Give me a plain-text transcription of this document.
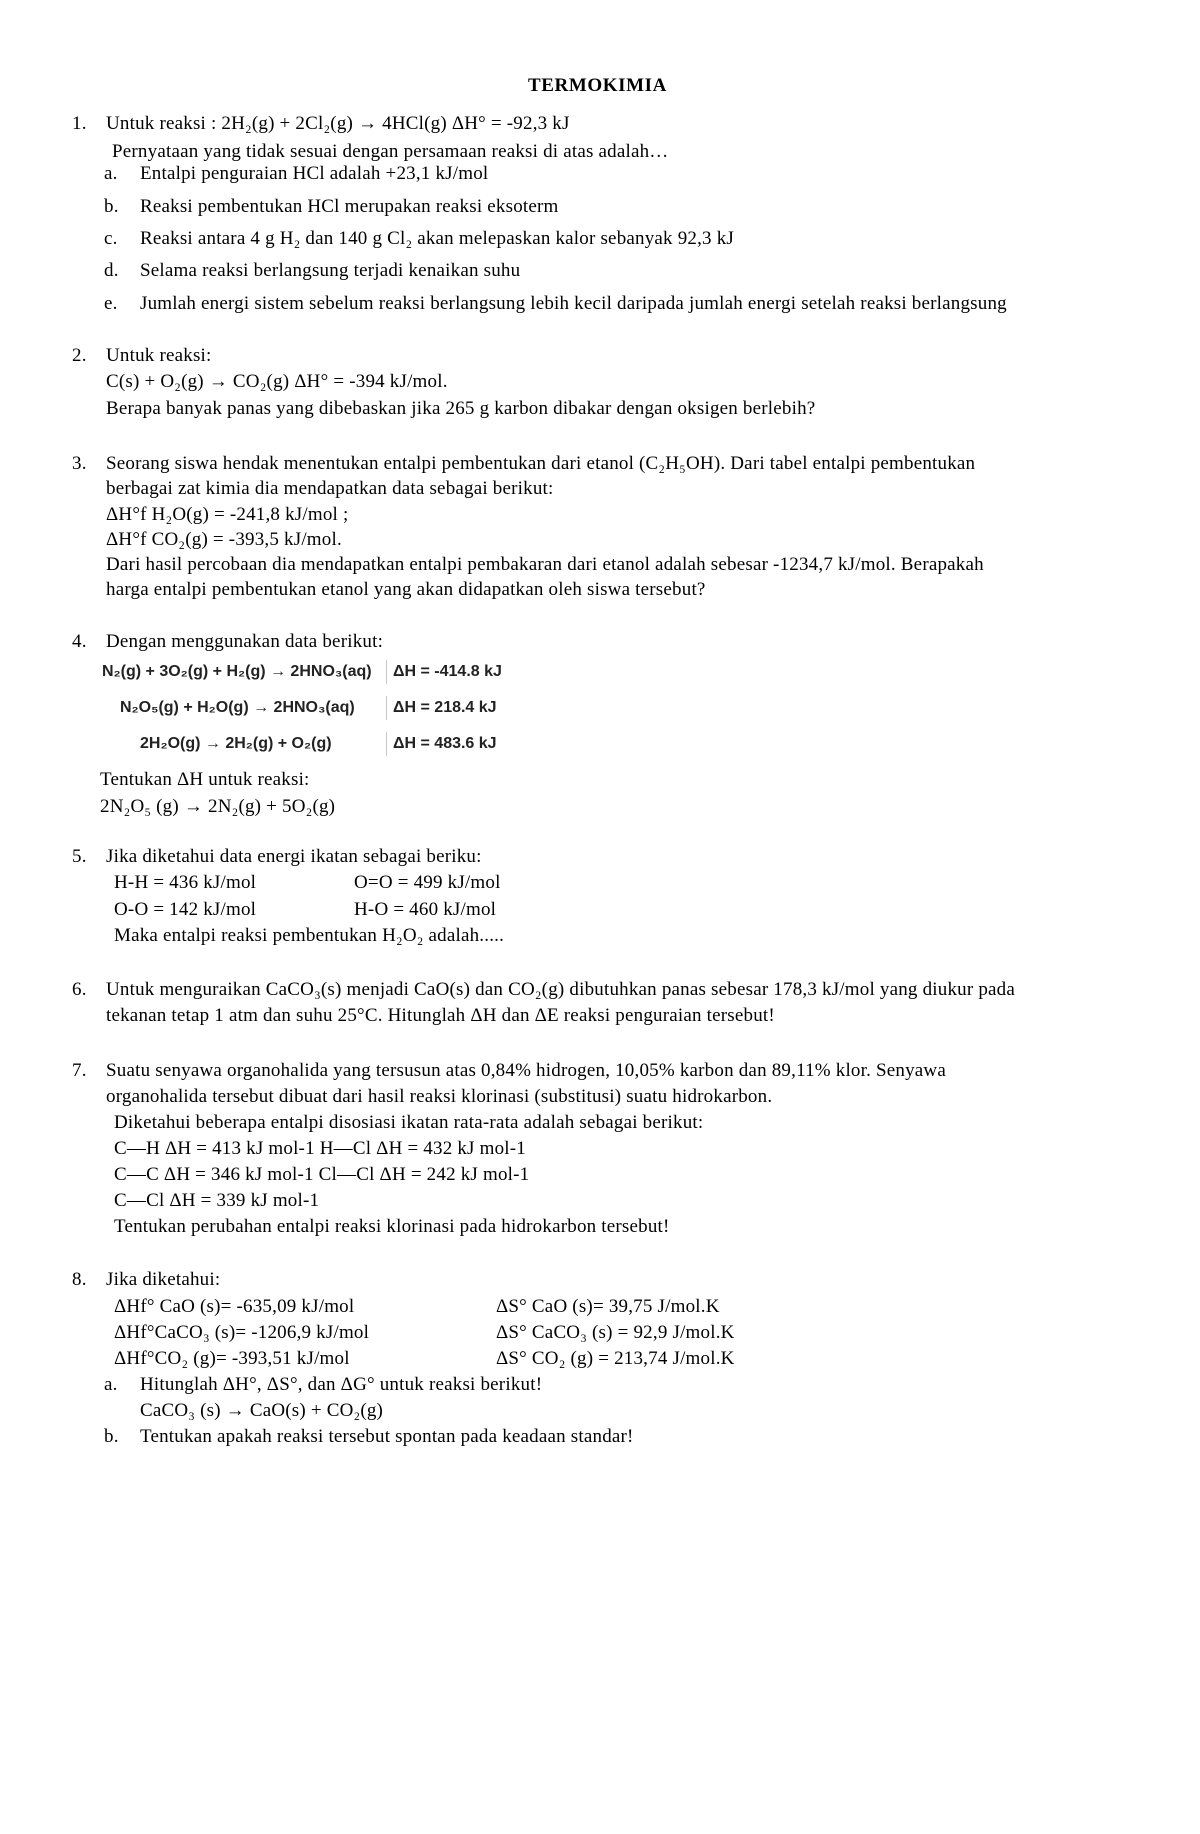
TERMOKIMIA
1. Untuk reaksi : 2H₂(g) + 2Cl₂(g) → 4HCl(g) ΔH° = -92,3 kJ
Pernyataan yang tidak sesuai dengan persamaan reaksi di atas adalah…
a. Entalpi penguraian HCl adalah +23,1 kJ/mol
b. Reaksi pembentukan HCl merupakan reaksi eksoterm
c. Reaksi antara 4 g H₂ dan 140 g Cl₂ akan melepaskan kalor sebanyak 92,3 kJ
d. Selama reaksi berlangsung terjadi kenaikan suhu
e. Jumlah energi sistem sebelum reaksi berlangsung lebih kecil daripada jumlah energi setelah reaksi berlangsung
2. Untuk reaksi:
C(s) + O₂(g) → CO₂(g) ΔH° = -394 kJ/mol.
Berapa banyak panas yang dibebaskan jika 265 g karbon dibakar dengan oksigen berlebih?
3. Seorang siswa hendak menentukan entalpi pembentukan dari etanol (C₂H₅OH). Dari tabel entalpi pembentukan
berbagai zat kimia dia mendapatkan data sebagai berikut:
ΔH°f H₂O(g) = -241,8 kJ/mol ;
ΔH°f CO₂(g) = -393,5 kJ/mol.
Dari hasil percobaan dia mendapatkan entalpi pembakaran dari etanol adalah sebesar -1234,7 kJ/mol. Berapakah
harga entalpi pembentukan etanol yang akan didapatkan oleh siswa tersebut?
4. Dengan menggunakan data berikut:
N₂(g) + 3O₂(g) + H₂(g) → 2HNO₃(aq) ΔH = -414.8 kJ
N₂O₅(g) + H₂O(g) → 2HNO₃(aq) ΔH = 218.4 kJ
2H₂O(g) → 2H₂(g) + O₂(g)	ΔH = 483.6 kJ
Tentukan ΔH untuk reaksi:
2N₂O₅ (g) → 2N₂(g) + 5O₂(g)
5. Jika diketahui data energi ikatan sebagai beriku:
H-H = 436 kJ/mol	O=O = 499 kJ/mol
O-O = 142 kJ/mol	H-O = 460 kJ/mol
Maka entalpi reaksi pembentukan H₂O₂ adalah.....
6. Untuk menguraikan CaCO₃(s) menjadi CaO(s) dan CO₂(g) dibutuhkan panas sebesar 178,3 kJ/mol yang diukur pada
tekanan tetap 1 atm dan suhu 25°C. Hitunglah ΔH dan ΔE reaksi penguraian tersebut!
7. Suatu senyawa organohalida yang tersusun atas 0,84% hidrogen, 10,05% karbon dan 89,11% klor. Senyawa
organohalida tersebut dibuat dari hasil reaksi klorinasi (substitusi) suatu hidrokarbon.
Diketahui beberapa entalpi disosiasi ikatan rata-rata adalah sebagai berikut:
C—H ΔH = 413 kJ mol-1 H—Cl ΔH = 432 kJ mol-1
C—C ΔH = 346 kJ mol-1 Cl—Cl ΔH = 242 kJ mol-1
C—Cl ΔH = 339 kJ mol-1
Tentukan perubahan entalpi reaksi klorinasi pada hidrokarbon tersebut!
8. Jika diketahui:
ΔHf° CaO (s)= -635,09 kJ/mol	ΔS° CaO (s)= 39,75 J/mol.K
ΔHf°CaCO₃ (s)= -1206,9 kJ/mol	ΔS° CaCO₃ (s) = 92,9 J/mol.K
ΔHf°CO₂ (g)= -393,51 kJ/mol	ΔS° CO₂ (g) = 213,74 J/mol.K
a. Hitunglah ΔH°, ΔS°, dan ΔG° untuk reaksi berikut!
CaCO₃ (s) → CaO(s) + CO₂(g)
b. Tentukan apakah reaksi tersebut spontan pada keadaan standar!
